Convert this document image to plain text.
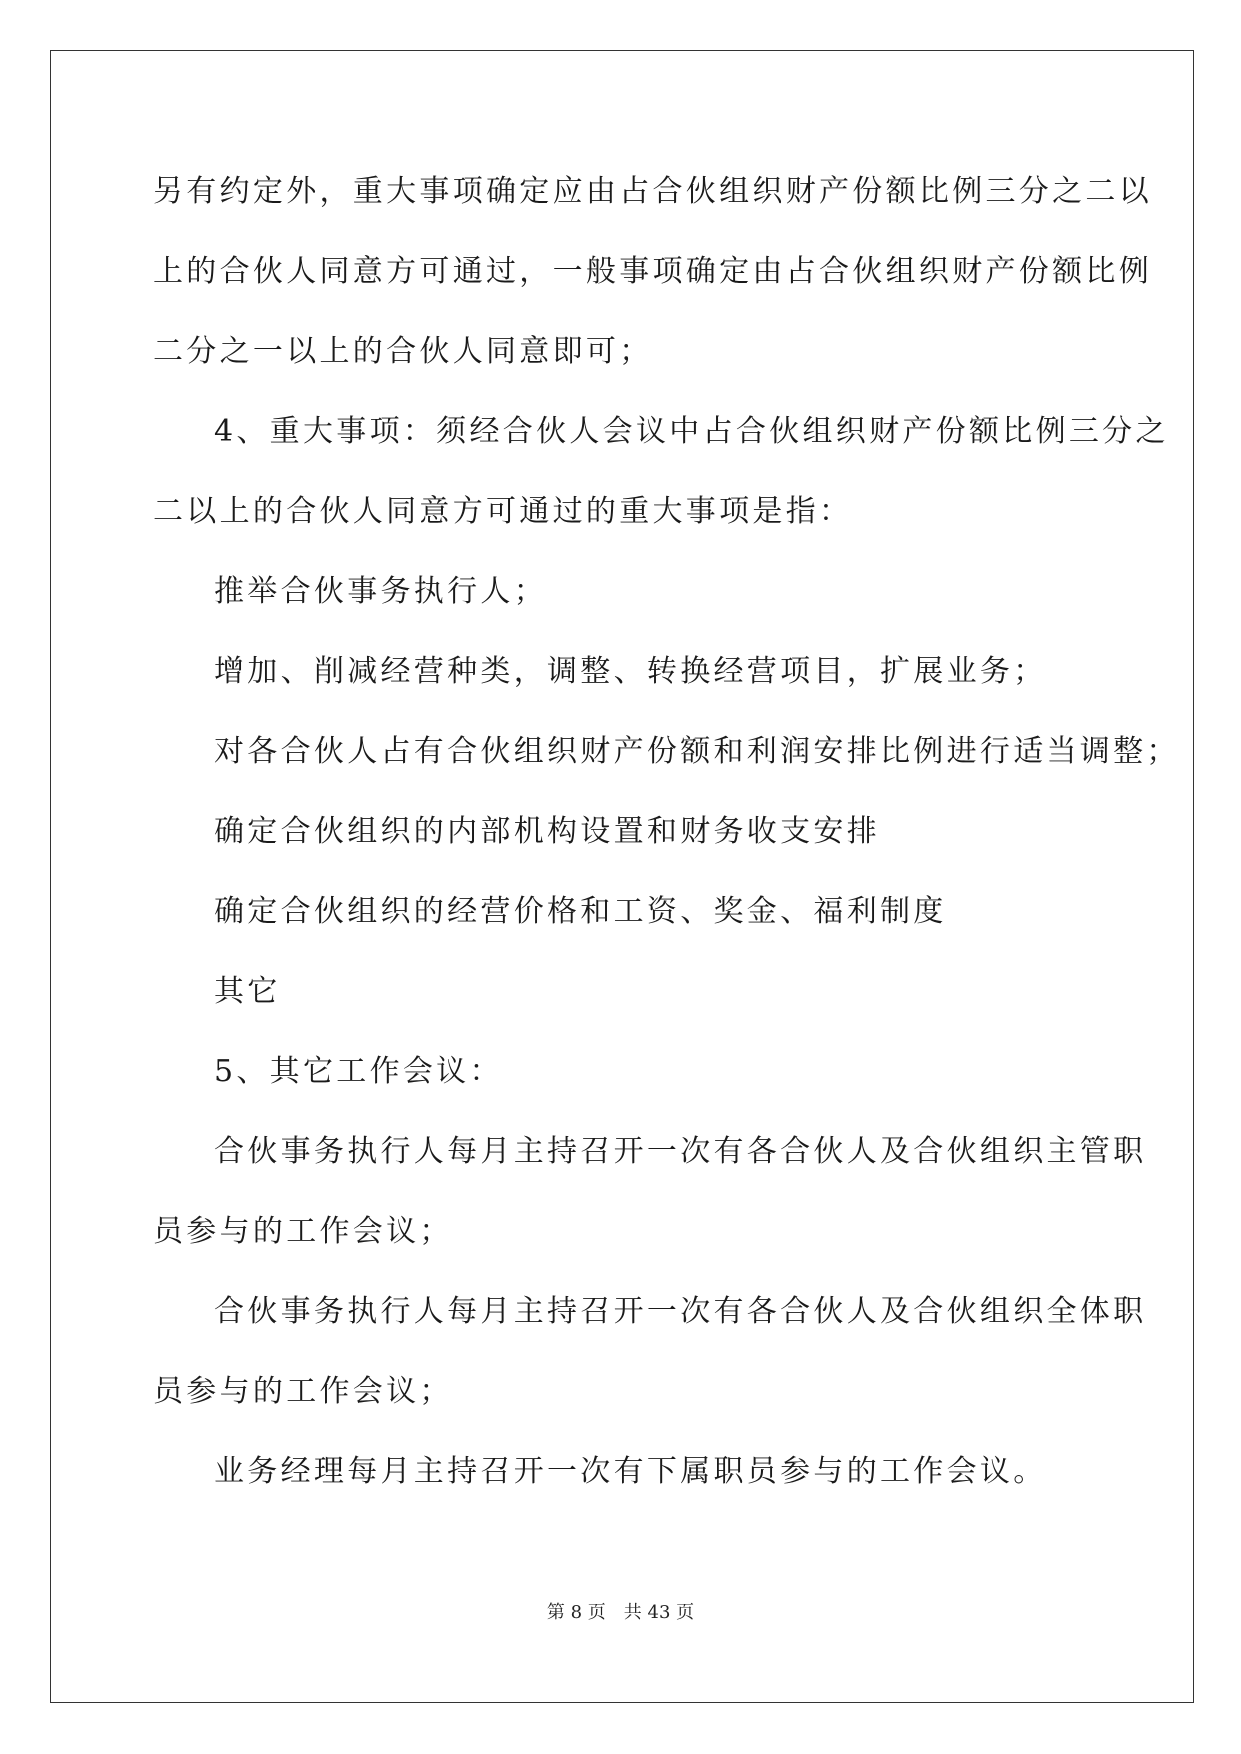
另有约定外，重大事项确定应由占合伙组织财产份额比例三分之二以
上的合伙人同意方可通过，一般事项确定由占合伙组织财产份额比例
二分之一以上的合伙人同意即可；
4、重大事项：须经合伙人会议中占合伙组织财产份额比例三分之
二以上的合伙人同意方可通过的重大事项是指：
推举合伙事务执行人；
增加、削减经营种类，调整、转换经营项目，扩展业务；
对各合伙人占有合伙组织财产份额和利润安排比例进行适当调整；
确定合伙组织的内部机构设置和财务收支安排
确定合伙组织的经营价格和工资、奖金、福利制度
其它
5、其它工作会议：
合伙事务执行人每月主持召开一次有各合伙人及合伙组织主管职
员参与的工作会议；
合伙事务执行人每月主持召开一次有各合伙人及合伙组织全体职
员参与的工作会议；
业务经理每月主持召开一次有下属职员参与的工作会议。
第 8 页 共 43 页
